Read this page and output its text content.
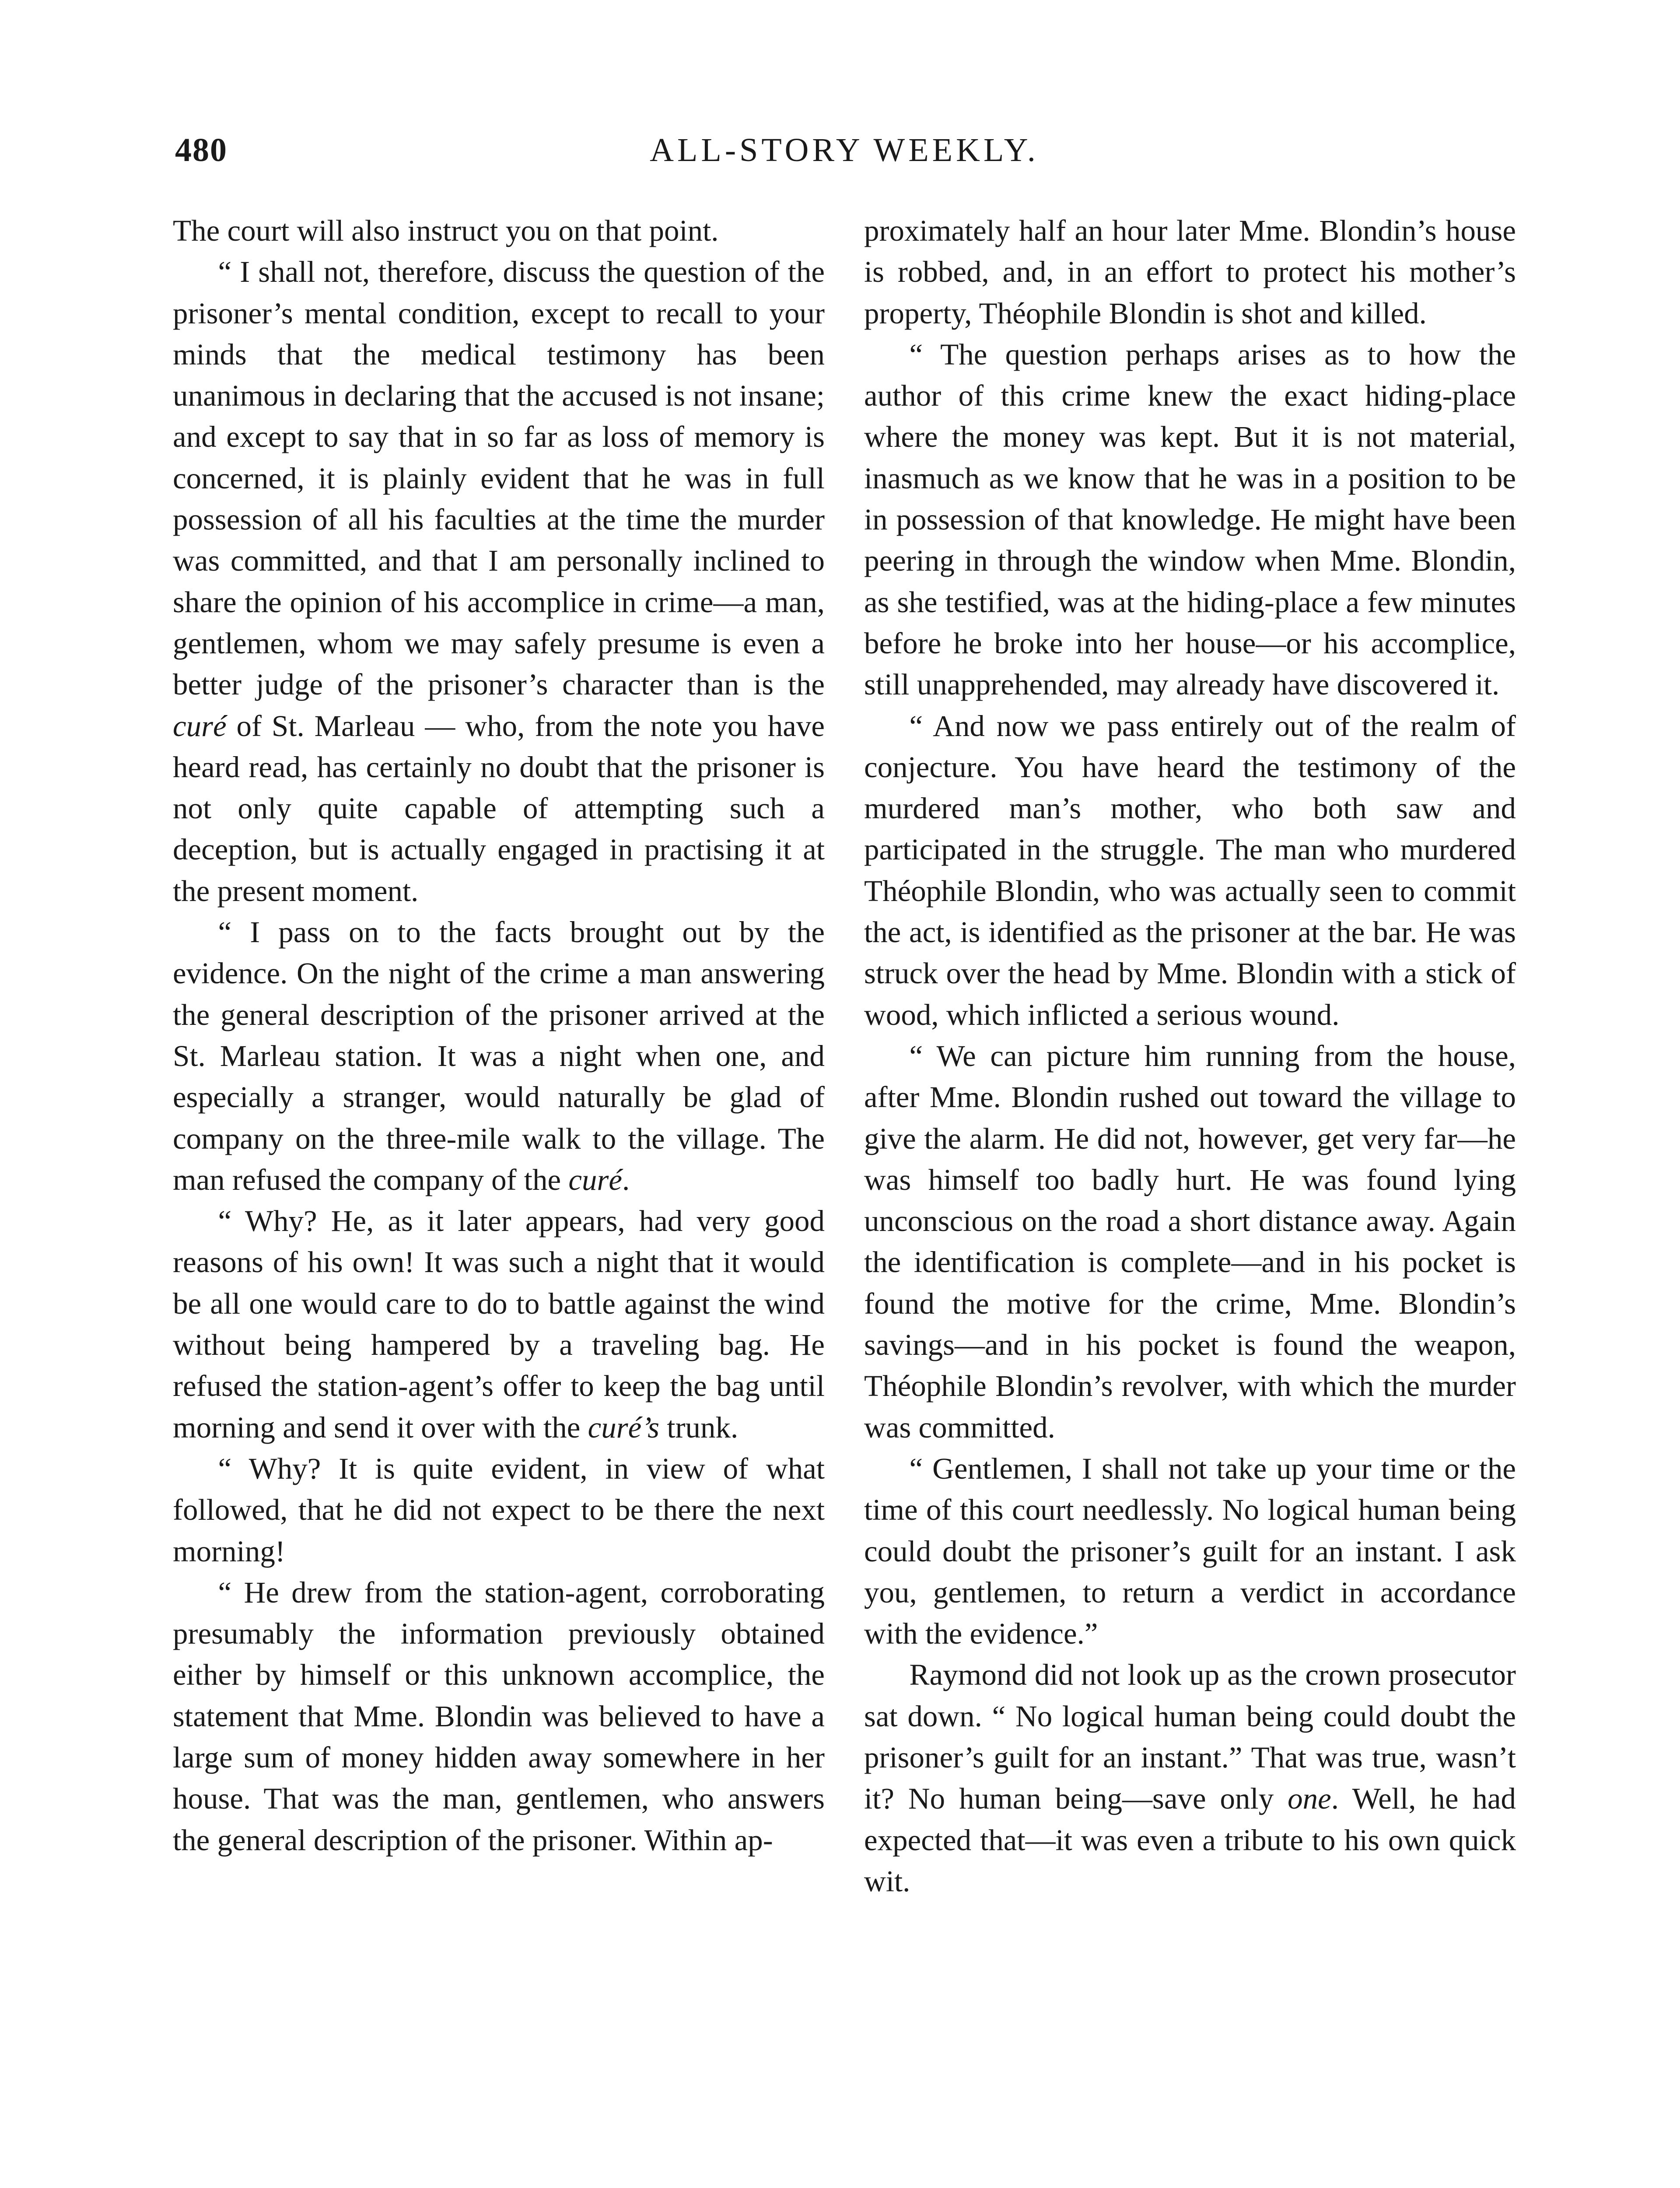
480	ALL-STORY WEEKLY.

The court will also instruct you on that point.

“ I shall not, therefore, discuss the question of the prisoner’s mental condition, except to recall to your minds that the medical testimony has been unanimous in declaring that the accused is not insane; and except to say that in so far as loss of memory is concerned, it is plainly evident that he was in full possession of all his faculties at the time the murder was committed, and that I am personally inclined to share the opinion of his accomplice in crime—a man, gentlemen, whom we may safely presume is even a better judge of the prisoner’s character than is the curé of St. Marleau — who, from the note you have heard read, has certainly no doubt that the prisoner is not only quite capable of attempting such a deception, but is actually engaged in practising it at the present moment.

“ I pass on to the facts brought out by the evidence. On the night of the crime a man answering the general description of the prisoner arrived at the St. Marleau station. It was a night when one, and especially a stranger, would naturally be glad of company on the three-mile walk to the village. The man refused the company of the curé.

“ Why? He, as it later appears, had very good reasons of his own! It was such a night that it would be all one would care to do to battle against the wind without being hampered by a traveling bag. He refused the station-agent’s offer to keep the bag until morning and send it over with the curé’s trunk.

“ Why? It is quite evident, in view of what followed, that he did not expect to be there the next morning!

“ He drew from the station-agent, corroborating presumably the information previously obtained either by himself or this unknown accomplice, the statement that Mme. Blondin was believed to have a large sum of money hidden away somewhere in her house. That was the man, gentlemen, who answers the general description of the prisoner. Within ap-

proximately half an hour later Mme. Blondin’s house is robbed, and, in an effort to protect his mother’s property, Théophile Blondin is shot and killed.

“ The question perhaps arises as to how the author of this crime knew the exact hiding-place where the money was kept. But it is not material, inasmuch as we know that he was in a position to be in possession of that knowledge. He might have been peering in through the window when Mme. Blondin, as she testified, was at the hiding-place a few minutes before he broke into her house—or his accomplice, still unapprehended, may already have discovered it.

“ And now we pass entirely out of the realm of conjecture. You have heard the testimony of the murdered man’s mother, who both saw and participated in the struggle. The man who murdered Théophile Blondin, who was actually seen to commit the act, is identified as the prisoner at the bar. He was struck over the head by Mme. Blondin with a stick of wood, which inflicted a serious wound.

“ We can picture him running from the house, after Mme. Blondin rushed out toward the village to give the alarm. He did not, however, get very far—he was himself too badly hurt. He was found lying unconscious on the road a short distance away. Again the identification is complete—and in his pocket is found the motive for the crime, Mme. Blondin’s savings—and in his pocket is found the weapon, Théophile Blondin’s revolver, with which the murder was committed.

“ Gentlemen, I shall not take up your time or the time of this court needlessly. No logical human being could doubt the prisoner’s guilt for an instant. I ask you, gentlemen, to return a verdict in accordance with the evidence.”

Raymond did not look up as the crown prosecutor sat down. “ No logical human being could doubt the prisoner’s guilt for an instant.” That was true, wasn’t it? No human being—save only one. Well, he had expected that—it was even a tribute to his own quick wit.
